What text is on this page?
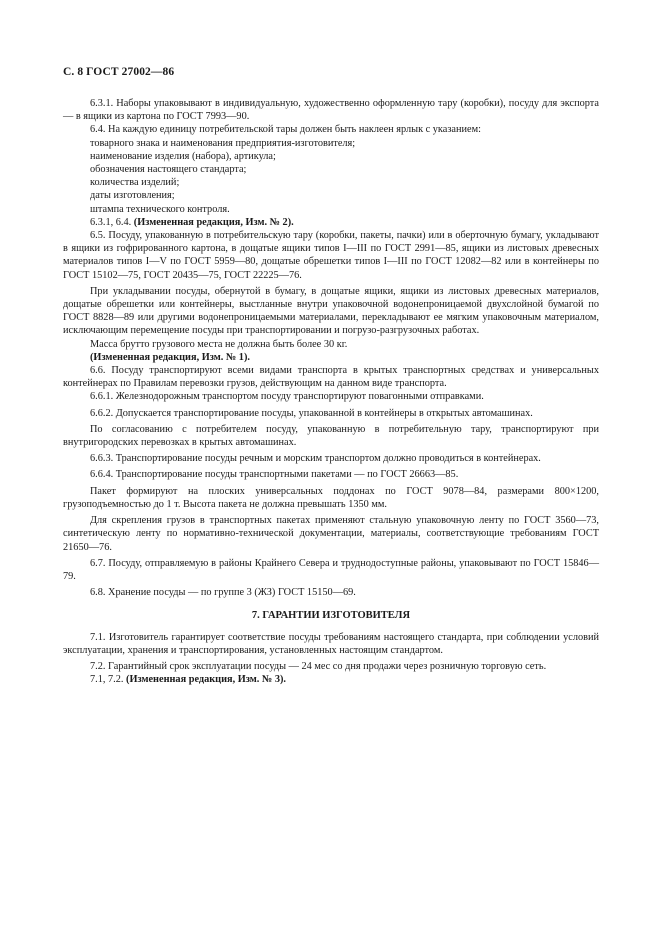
С. 8 ГОСТ 27002—86

6.3.1. Наборы упаковывают в индивидуальную, художественно оформленную тару (коробки), посуду для экспорта — в ящики из картона по ГОСТ 7993—90.

6.4. На каждую единицу потребительской тары должен быть наклеен ярлык с указанием:

товарного знака и наименования предприятия-изготовителя;

наименование изделия (набора), артикула;

обозначения настоящего стандарта;

количества изделий;

даты изготовления;

штампа технического контроля.

6.3.1, 6.4. (Измененная редакция, Изм. № 2).

6.5. Посуду, упакованную в потребительскую тару (коробки, пакеты, пачки) или в оберточную бумагу, укладывают в ящики из гофрированного картона, в дощатые ящики типов I—III по ГОСТ 2991—85, ящики из листовых древесных материалов типов I—V по ГОСТ 5959—80, дощатые обрешетки типов I—III по ГОСТ 12082—82 или в контейнеры по ГОСТ 15102—75, ГОСТ 20435—75, ГОСТ 22225—76.

При укладывании посуды, обернутой в бумагу, в дощатые ящики, ящики из листовых древесных материалов, дощатые обрешетки или контейнеры, выстланные внутри упаковочной водонепроницаемой двухслойной бумагой по ГОСТ 8828—89 или другими водонепроницаемыми материалами, перекладывают ее мягким упаковочным материалом, исключающим перемещение посуды при транспортировании и погрузо-разгрузочных работах.

Масса брутто грузового места не должна быть более 30 кг.

(Измененная редакция, Изм. № 1).

6.6. Посуду транспортируют всеми видами транспорта в крытых транспортных средствах и универсальных контейнерах по Правилам перевозки грузов, действующим на данном виде транспорта.

6.6.1. Железнодорожным транспортом посуду транспортируют повагонными отправками.

6.6.2. Допускается транспортирование посуды, упакованной в контейнеры в открытых автомашинах.

По согласованию с потребителем посуду, упакованную в потребительную тару, транспортируют при внутригородских перевозках в крытых автомашинах.

6.6.3. Транспортирование посуды речным и морским транспортом должно проводиться в контейнерах.

6.6.4. Транспортирование посуды транспортными пакетами — по ГОСТ 26663—85.

Пакет формируют на плоских универсальных поддонах по ГОСТ 9078—84, размерами 800×1200, грузоподъемностью до 1 т. Высота пакета не должна превышать 1350 мм.

Для скрепления грузов в транспортных пакетах применяют стальную упаковочную ленту по ГОСТ 3560—73, синтетическую ленту по нормативно-технической документации, материалы, соответствующие требованиям ГОСТ 21650—76.

6.7. Посуду, отправляемую в районы Крайнего Севера и труднодоступные районы, упаковывают по ГОСТ 15846—79.

6.8. Хранение посуды — по группе 3 (ЖЗ) ГОСТ 15150—69.

7. ГАРАНТИИ ИЗГОТОВИТЕЛЯ

7.1. Изготовитель гарантирует соответствие посуды требованиям настоящего стандарта, при соблюдении условий эксплуатации, хранения и транспортирования, установленных настоящим стандартом.

7.2. Гарантийный срок эксплуатации посуды — 24 мес со дня продажи через розничную торговую сеть.

7.1, 7.2. (Измененная редакция, Изм. № 3).
